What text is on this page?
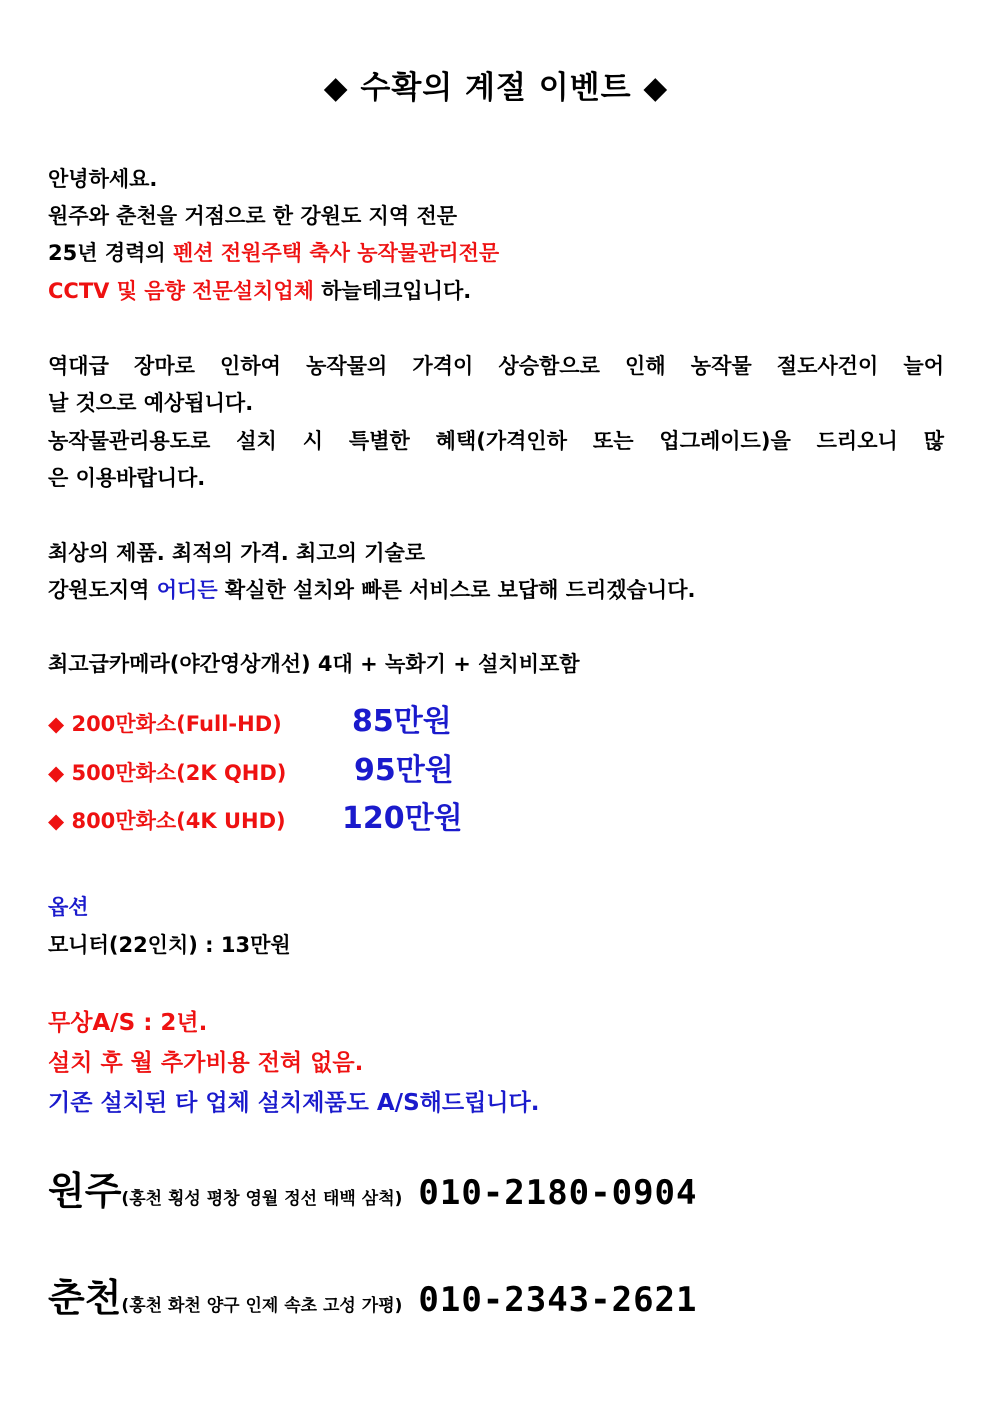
◆ 수확의 계절 이벤트 ◆
안녕하세요.
원주와 춘천을 거점으로 한 강원도 지역 전문
25년 경력의 펜션 전원주택 축사 농작물관리전문
CCTV 및 음향 전문설치업체 하늘테크입니다.
역대급 장마로 인하여 농작물의 가격이 상승함으로 인해 농작물 절도사건이 늘어
날 것으로 예상됩니다.
농작물관리용도로 설치 시 특별한 혜택(가격인하 또는 업그레이드)을 드리오니 많
은 이용바랍니다.
최상의 제품. 최적의 가격. 최고의 기술로
강원도지역 어디든 확실한 설치와 빠른 서비스로 보답해 드리겠습니다.
최고급카메라(야간영상개선) 4대 + 녹화기 + 설치비포함
◆ 200만화소(Full-HD) 85만원
◆ 500만화소(2K QHD) 95만원
◆ 800만화소(4K UHD) 120만원
옵션
모니터(22인치) : 13만원
무상A/S : 2년.
설치 후 월 추가비용 전혀 없음.
기존 설치된 타 업체 설치제품도 A/S해드립니다.
원주(홍천 횡성 평창 영월 정선 태백 삼척) 010-2180-0904
춘천(홍천 화천 양구 인제 속초 고성 가평) 010-2343-2621
